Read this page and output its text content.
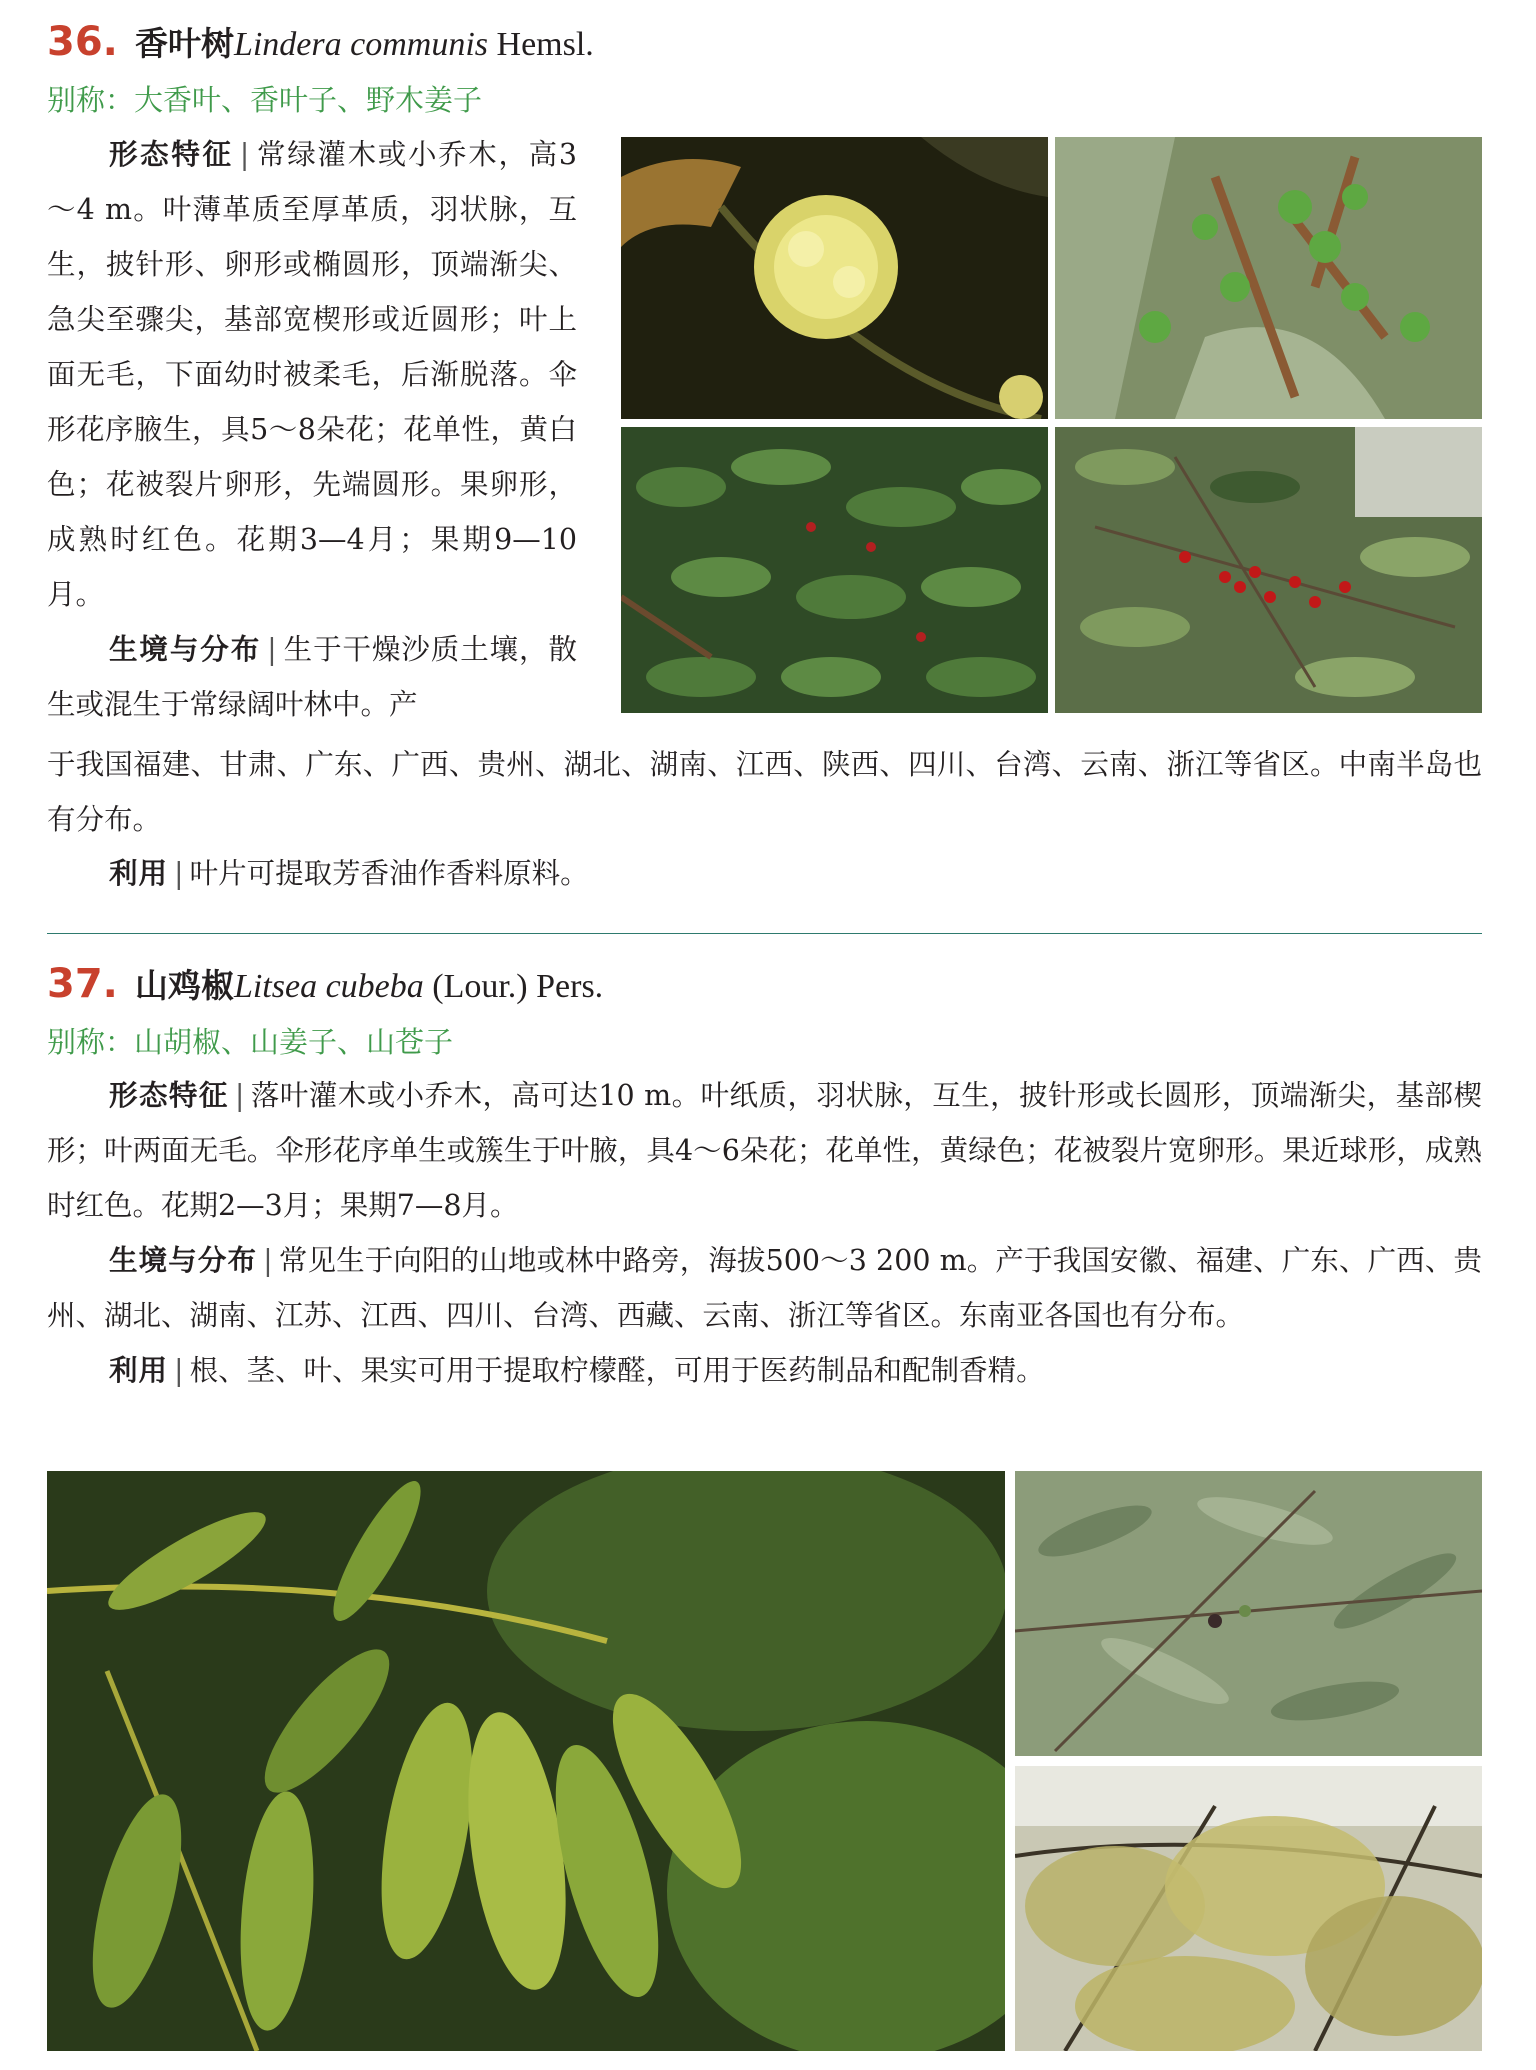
36. 香叶树Lindera communis Hemsl.
别称：大香叶、香叶子、野木姜子

形态特征 | 常绿灌木或小乔木，高3～4 m。叶薄革质至厚革质，羽状脉，互生，披针形、卵形或椭圆形，顶端渐尖、急尖至骤尖，基部宽楔形或近圆形；叶上面无毛，下面幼时被柔毛，后渐脱落。伞形花序腋生，具5～8朵花；花单性，黄白色；花被裂片卵形，先端圆形。果卵形，成熟时红色。花期3—4月；果期9—10月。

生境与分布 | 生于干燥沙质土壤，散生或混生于常绿阔叶林中。产

于我国福建、甘肃、广东、广西、贵州、湖北、湖南、江西、陕西、四川、台湾、云南、浙江等省区。中南半岛也有分布。

利用 | 叶片可提取芳香油作香料原料。

37. 山鸡椒Litsea cubeba (Lour.) Pers.
别称：山胡椒、山姜子、山苍子

形态特征 | 落叶灌木或小乔木，高可达10 m。叶纸质，羽状脉，互生，披针形或长圆形，顶端渐尖，基部楔形；叶两面无毛。伞形花序单生或簇生于叶腋，具4～6朵花；花单性，黄绿色；花被裂片宽卵形。果近球形，成熟时红色。花期2—3月；果期7—8月。

生境与分布 | 常见生于向阳的山地或林中路旁，海拔500～3 200 m。产于我国安徽、福建、广东、广西、贵州、湖北、湖南、江苏、江西、四川、台湾、西藏、云南、浙江等省区。东南亚各国也有分布。

利用 | 根、茎、叶、果实可用于提取柠檬醛，可用于医药制品和配制香精。
